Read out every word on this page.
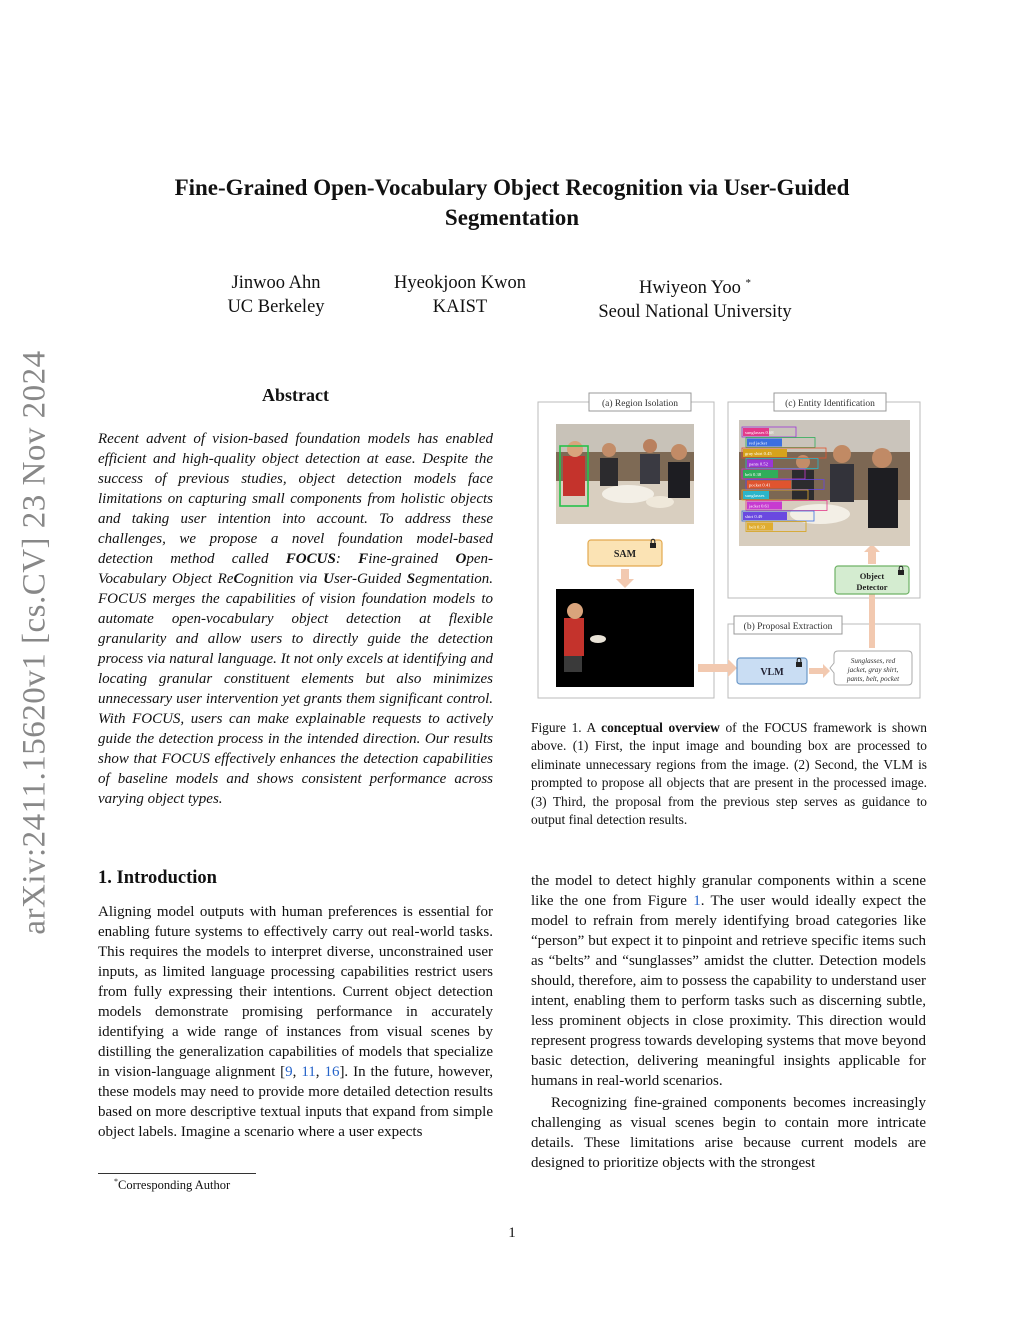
arXiv:2411.15620v1 [cs.CV] 23 Nov 2024
Fine-Grained Open-Vocabulary Object Recognition via User-Guided
Segmentation
Jinwoo Ahn
UC Berkeley
Hyeokjoon Kwon
KAIST
Hwiyeon Yoo *
Seoul National University
Abstract
Recent advent of vision-based foundation models has enabled efficient and high-quality object detection at ease. Despite the success of previous studies, object detection models face limitations on capturing small components from holistic objects and taking user intention into account. To address these challenges, we propose a novel foundation model-based detection method called FOCUS: Fine-grained Open-Vocabulary Object ReCognition via User-Guided Segmentation. FOCUS merges the capabilities of vision foundation models to automate open-vocabulary object detection at flexible granularity and allow users to directly guide the detection process via natural language. It not only excels at identifying and locating granular constituent elements but also minimizes unnecessary user intervention yet grants them significant control. With FOCUS, users can make explainable requests to actively guide the detection process in the intended direction. Our results show that FOCUS effectively enhances the detection capabilities of baseline models and shows consistent performance across varying object types.
1. Introduction
Aligning model outputs with human preferences is essential for enabling future systems to effectively carry out real-world tasks. This requires the models to interpret diverse, unconstrained user inputs, as limited language processing capabilities restrict users from fully expressing their intentions. Current object detection models demonstrate promising performance in accurately identifying a wide range of instances from visual scenes by distilling the generalization capabilities of models that specialize in vision-language alignment [9, 11, 16]. In the future, however, these models may need to provide more detailed detection results based on more descriptive textual inputs that expand from simple object labels. Imagine a scenario where a user expects
*Corresponding Author
(a) Region Isolation	(c) Entity Identification
(b) Proposal Extraction
SAM
VLM
Sunglasses, red
jacket, gray shirt,
pants, belt, pocket
Object
Detector
sunglasses 0.68
red jacket
gray shirt 0.45
pants 0.52
belt 0.38
pocket 0.41
sunglasses
jacket 0.61
shirt 0.49
belt 0.33
Figure 1. A conceptual overview of the FOCUS framework is shown above. (1) First, the input image and bounding box are processed to eliminate unnecessary regions from the image. (2) Second, the VLM is prompted to propose all objects that are present in the processed image. (3) Third, the proposal from the previous step serves as guidance to output final detection results.

the model to detect highly granular components within a scene like the one from Figure 1. The user would ideally expect the model to refrain from merely identifying broad categories like “person” but expect it to pinpoint and retrieve specific items such as “belts” and “sunglasses” amidst the clutter. Detection models should, therefore, aim to possess the capability to understand user intent, enabling them to perform tasks such as discerning subtle, less prominent objects in close proximity. This direction would represent progress towards developing systems that move beyond basic detection, delivering meaningful insights applicable for humans in real-world scenarios.

Recognizing fine-grained components becomes increasingly challenging as visual scenes begin to contain more intricate details. These limitations arise because current models are designed to prioritize objects with the strongest

1
